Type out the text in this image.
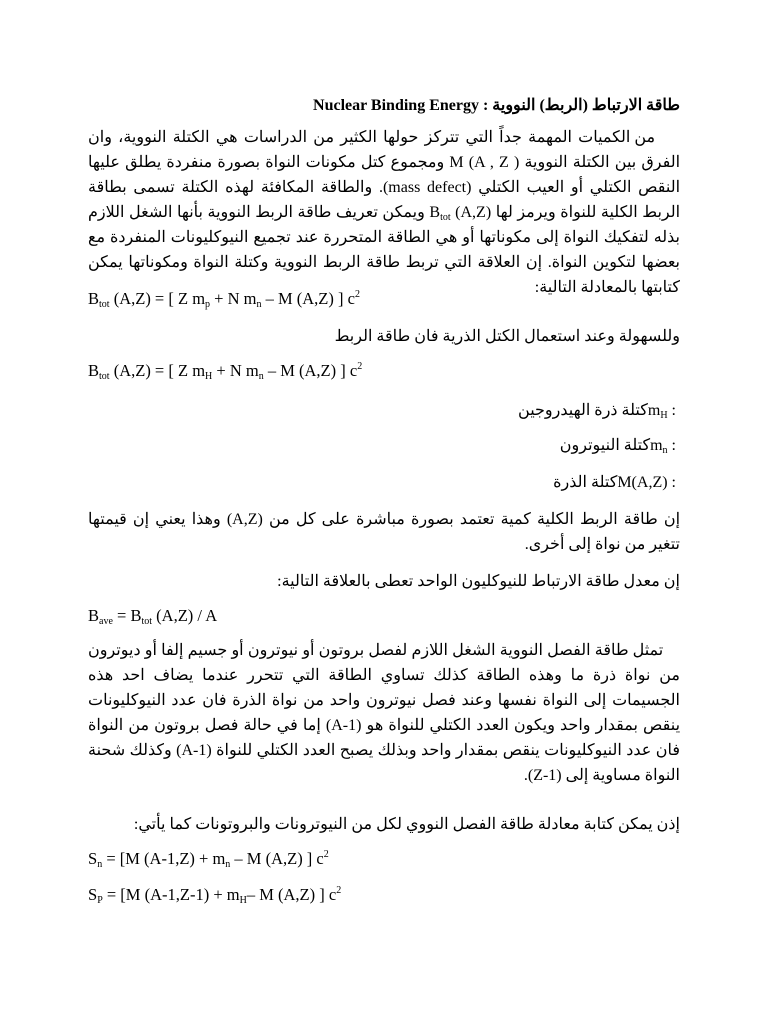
طاقة الارتباط (الربط) النووية Nuclear Binding Energy :
من الكميات المهمة جداً التي تتركز حولها الكثير من الدراسات هي الكتلة النووية، وان الفرق بين الكتلة النووية M (A , Z ) ومجموع كتل مكونات النواة بصورة منفردة يطلق عليها النقص الكتلي أو العيب الكتلي (mass defect). والطاقة المكافئة لهذه الكتلة تسمى بطاقة الربط الكلية للنواة ويرمز لها $B_{tot}$ (A,Z) ويمكن تعريف طاقة الربط النووية بأنها الشغل اللازم بذله لتفكيك النواة إلى مكوناتها أو هي الطاقة المتحررة عند تجميع النيوكليونات المنفردة مع بعضها لتكوين النواة. إن العلاقة التي تربط طاقة الربط النووية وكتلة النواة ومكوناتها يمكن كتابتها بالمعادلة التالية:
$B_{tot}$ (A,Z) = [ Z $m_p + N$ $m_n$ – M (A,Z) ] $c^2$
وللسهولة وعند استعمال الكتل الذرية فان طاقة الربط
$B_{tot}$ (A,Z) = [ Z $m_H + N$ $m_n$ – M (A,Z) ] $c^2$
$m_H$ : كتلة ذرة الهيدروجين
$m_n$ : كتلة النيوترون
M(A,Z) : كتلة الذرة
إن طاقة الربط الكلية كمية تعتمد بصورة مباشرة على كل من (A,Z) وهذا يعني إن قيمتها تتغير من نواة إلى أخرى.
إن معدل طاقة الارتباط للنيوكليون الواحد تعطى بالعلاقة التالية:
$B_{ave} = B_{tot}$ (A,Z) / A
تمثل طاقة الفصل النووية الشغل اللازم لفصل بروتون أو نيوترون أو جسيم إلفا أو ديوترون من نواة ذرة ما وهذه الطاقة كذلك تساوي الطاقة التي تتحرر عندما يضاف احد هذه الجسيمات إلى النواة نفسها وعند فصل نيوترون واحد من نواة الذرة فان عدد النيوكليونات ينقص بمقدار واحد ويكون العدد الكتلي للنواة هو (A-1) إما في حالة فصل بروتون من النواة فان عدد النيوكليونات ينقص بمقدار واحد وبذلك يصبح العدد الكتلي للنواة (A-1) وكذلك شحنة النواة مساوية إلى (Z-1).
إذن يمكن كتابة معادلة طاقة الفصل النووي لكل من النيوترونات والبروتونات كما يأتي:
$S_n = [M$ $(A-1,Z) + m_n - M$ (A,Z) ] $c^2$
$S_P = [M$ $(A-1,Z-1) + m_H-$ M (A,Z) ] $c^2$
